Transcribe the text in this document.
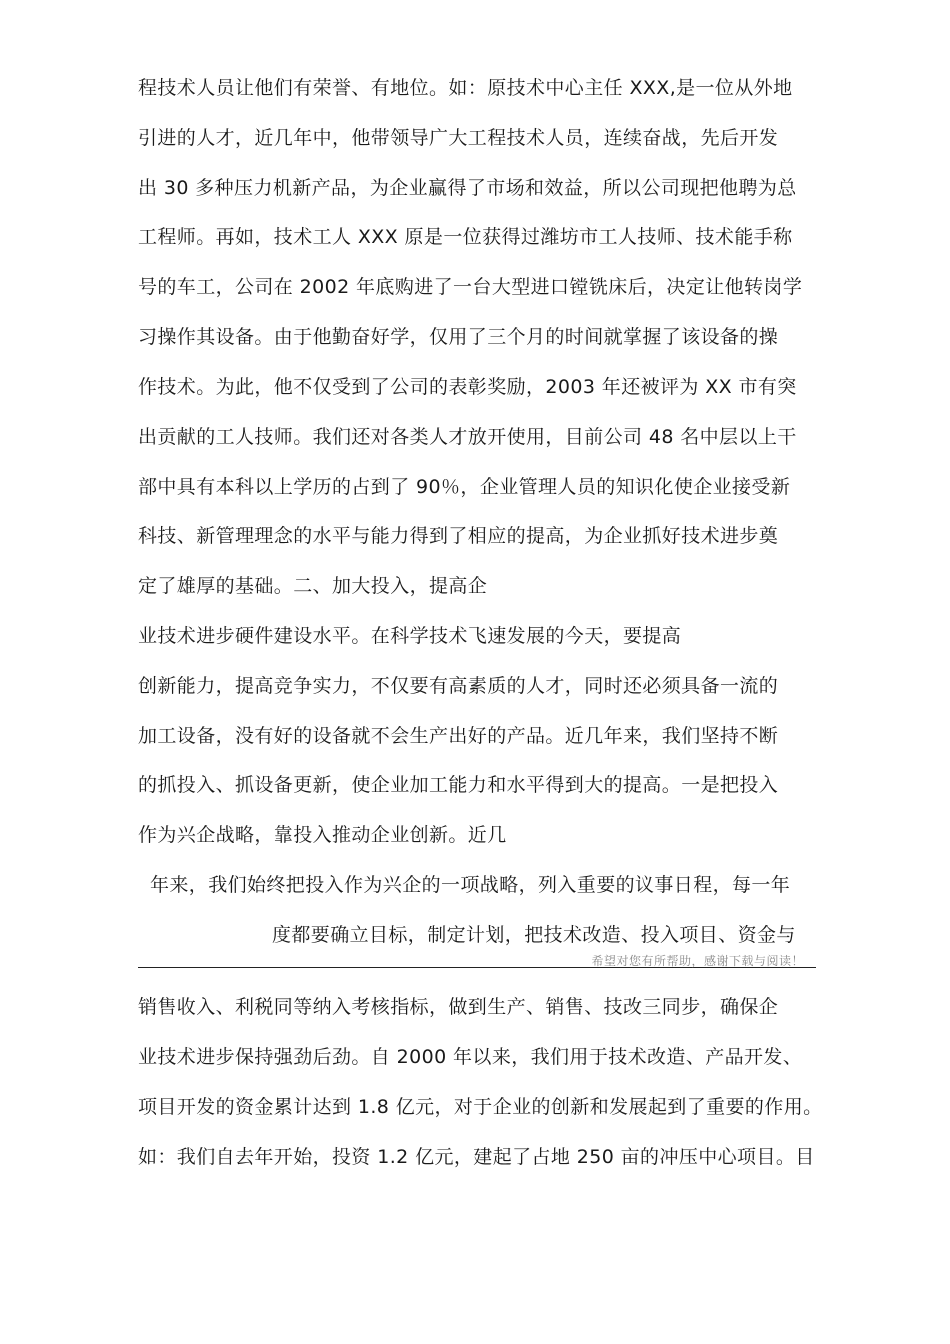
程技术人员让他们有荣誉、有地位。如：原技术中心主任 XXX,是一位从外地
引进的人才，近几年中，他带领导广大工程技术人员，连续奋战，先后开发
出 30 多种压力机新产品，为企业赢得了市场和效益，所以公司现把他聘为总
工程师。再如，技术工人 XXX 原是一位获得过潍坊市工人技师、技术能手称
号的车工，公司在 2002 年底购进了一台大型进口镗铣床后，决定让他转岗学
习操作其设备。由于他勤奋好学，仅用了三个月的时间就掌握了该设备的操
作技术。为此，他不仅受到了公司的表彰奖励，2003 年还被评为 XX 市有突
出贡献的工人技师。我们还对各类人才放开使用，目前公司 48 名中层以上干
部中具有本科以上学历的占到了 90％，企业管理人员的知识化使企业接受新
科技、新管理理念的水平与能力得到了相应的提高，为企业抓好技术进步奠
定了雄厚的基础。二、加大投入，提高企
业技术进步硬件建设水平。在科学技术飞速发展的今天，要提高
创新能力，提高竞争实力，不仅要有高素质的人才，同时还必须具备一流的
加工设备，没有好的设备就不会生产出好的产品。近几年来，我们坚持不断
的抓投入、抓设备更新，使企业加工能力和水平得到大的提高。一是把投入
作为兴企战略，靠投入推动企业创新。近几
年来，我们始终把投入作为兴企的一项战略，列入重要的议事日程，每一年
度都要确立目标，制定计划，把技术改造、投入项目、资金与
希望对您有所帮助，感谢下载与阅读！
销售收入、利税同等纳入考核指标，做到生产、销售、技改三同步，确保企
业技术进步保持强劲后劲。自 2000 年以来，我们用于技术改造、产品开发、
项目开发的资金累计达到 1.8 亿元，对于企业的创新和发展起到了重要的作用。
如：我们自去年开始，投资 1.2 亿元，建起了占地 250 亩的冲压中心项目。目
